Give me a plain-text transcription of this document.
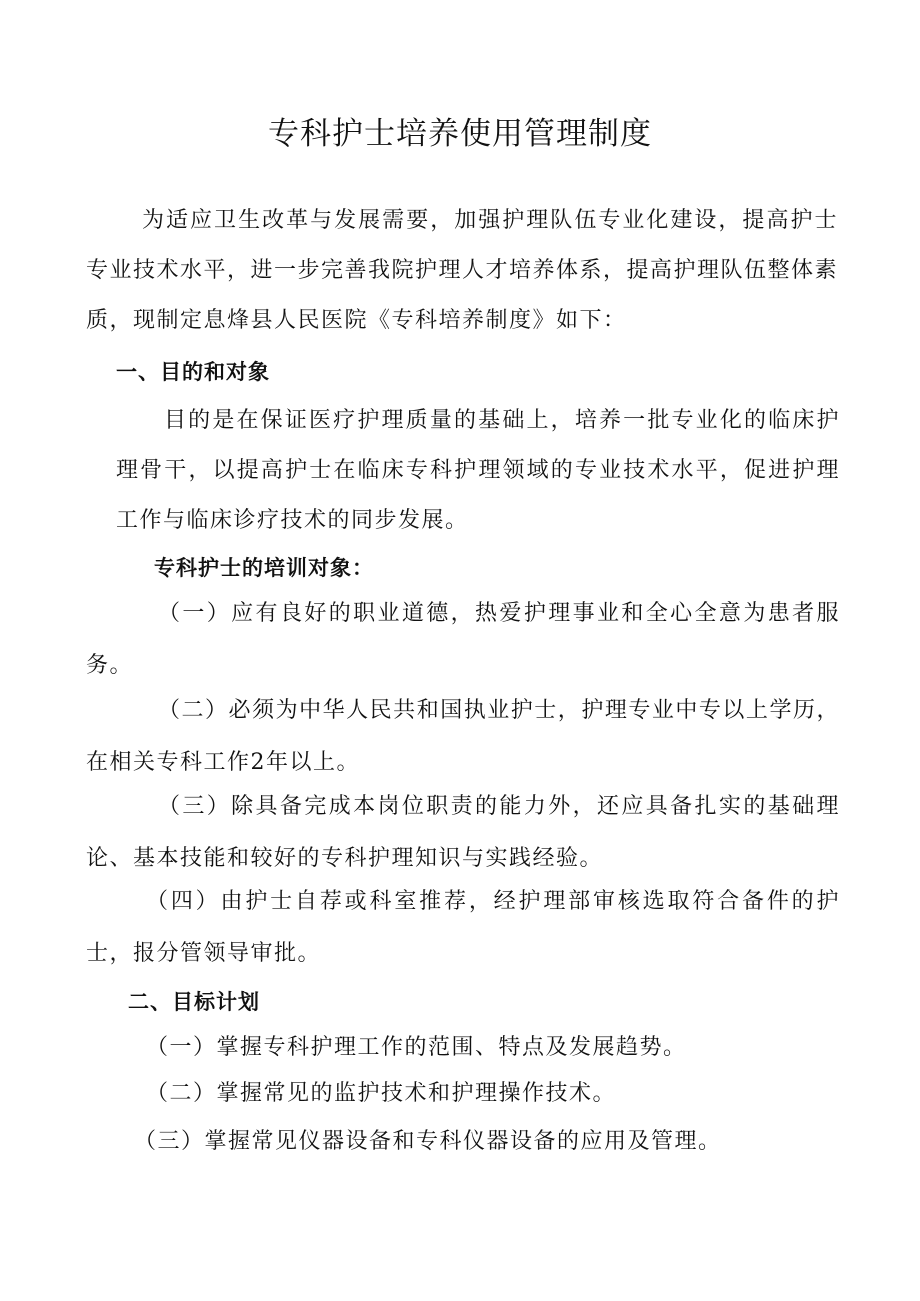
专科护士培养使用管理制度

为适应卫生改革与发展需要，加强护理队伍专业化建设，提高护士专业技术水平，进一步完善我院护理人才培养体系，提高护理队伍整体素质，现制定息烽县人民医院《专科培养制度》如下：

一、目的和对象

目的是在保证医疗护理质量的基础上，培养一批专业化的临床护理骨干，以提高护士在临床专科护理领域的专业技术水平，促进护理工作与临床诊疗技术的同步发展。

专科护士的培训对象：

（一）应有良好的职业道德，热爱护理事业和全心全意为患者服务。

（二）必须为中华人民共和国执业护士，护理专业中专以上学历，在相关专科工作2年以上。

（三）除具备完成本岗位职责的能力外，还应具备扎实的基础理论、基本技能和较好的专科护理知识与实践经验。

（四）由护士自荐或科室推荐，经护理部审核选取符合备件的护士，报分管领导审批。

二、目标计划

（一）掌握专科护理工作的范围、特点及发展趋势。

（二）掌握常见的监护技术和护理操作技术。

（三）掌握常见仪器设备和专科仪器设备的应用及管理。
